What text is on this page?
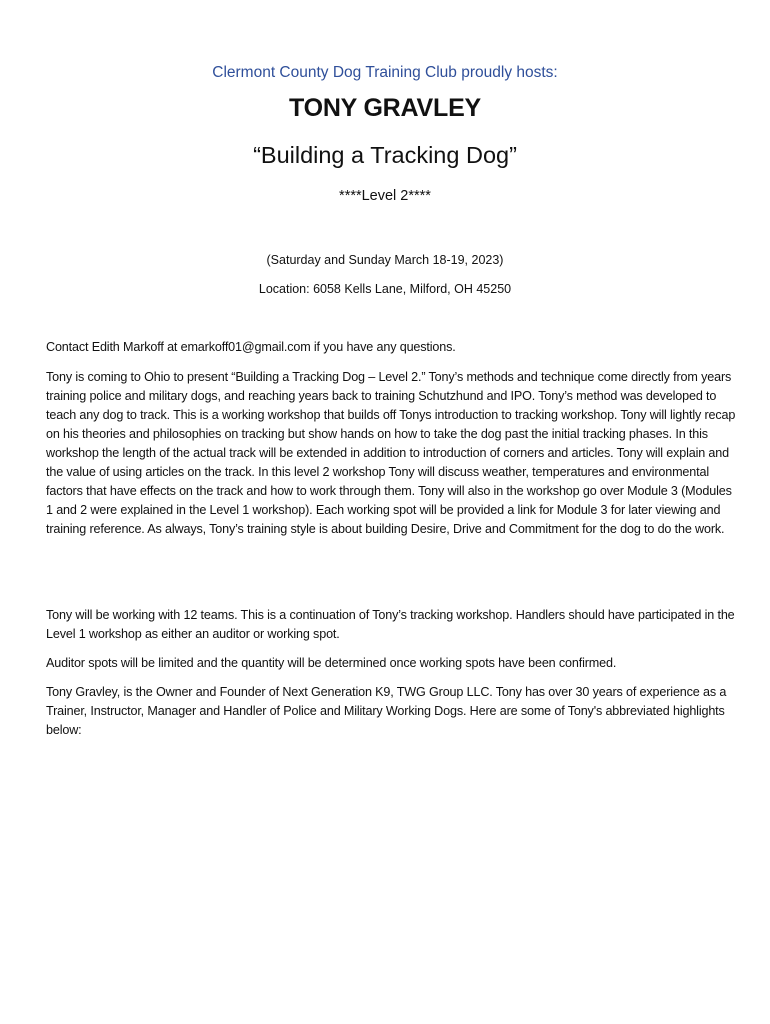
Clermont County Dog Training Club proudly hosts:
TONY GRAVLEY
“Building a Tracking Dog”
****Level 2****
(Saturday and Sunday March 18-19, 2023)
Location: 6058 Kells Lane, Milford, OH 45250

Contact Edith Markoff at emarkoff01@gmail.com if you have any questions.

Tony is coming to Ohio to present “Building a Tracking Dog – Level 2.” Tony’s methods and technique come directly from years training police and military dogs, and reaching years back to training Schutzhund and IPO. Tony’s method was developed to teach any dog to track. This is a working workshop that builds off Tonys introduction to tracking workshop. Tony will lightly recap on his theories and philosophies on tracking but show hands on how to take the dog past the initial tracking phases. In this workshop the length of the actual track will be extended in addition to introduction of corners and articles. Tony will explain and the value of using articles on the track. In this level 2 workshop Tony will discuss weather, temperatures and environmental factors that have effects on the track and how to work through them. Tony will also in the workshop go over Module 3 (Modules 1 and 2 were explained in the Level 1 workshop). Each working spot will be provided a link for Module 3 for later viewing and training reference. As always, Tony’s training style is about building Desire, Drive and Commitment for the dog to do the work.

Tony will be working with 12 teams. This is a continuation of Tony’s tracking workshop. Handlers should have participated in the Level 1 workshop as either an auditor or working spot.

Auditor spots will be limited and the quantity will be determined once working spots have been confirmed.

Tony Gravley, is the Owner and Founder of Next Generation K9, TWG Group LLC. Tony has over 30 years of experience as a Trainer, Instructor, Manager and Handler of Police and Military Working Dogs. Here are some of Tony's abbreviated highlights below:
